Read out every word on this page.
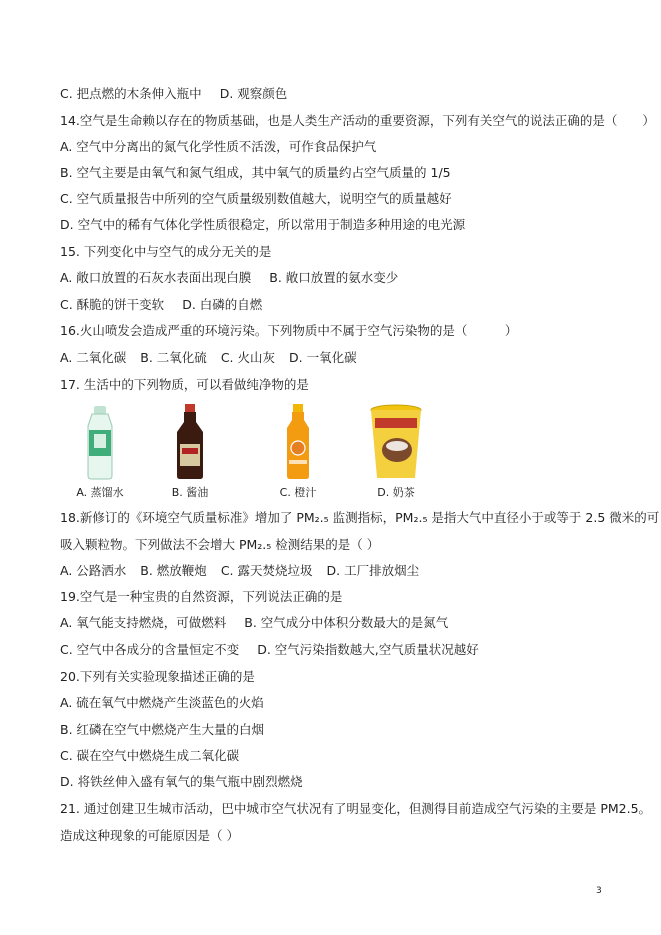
C. 把点燃的木条伸入瓶中 D. 观察颜色
14.空气是生命赖以存在的物质基础，也是人类生产活动的重要资源，下列有关空气的说法正确的是（　　）
A. 空气中分离出的氮气化学性质不活泼，可作食品保护气
B. 空气主要是由氧气和氮气组成，其中氧气的质量约占空气质量的 1/5
C. 空气质量报告中所列的空气质量级别数值越大，说明空气的质量越好
D. 空气中的稀有气体化学性质很稳定，所以常用于制造多种用途的电光源
15. 下列变化中与空气的成分无关的是
A. 敞口放置的石灰水表面出现白膜 B. 敞口放置的氨水变少
C. 酥脆的饼干变软 D. 白磷的自燃
16.火山喷发会造成严重的环境污染。下列物质中不属于空气污染物的是（　　　）
A. 二氧化碳 B. 二氧化硫 C. 火山灰 D. 一氧化碳
17. 生活中的下列物质，可以看做纯净物的是
18.新修订的《环境空气质量标准》增加了 PM₂.₅ 监测指标，PM₂.₅ 是指大气中直径小于或等于 2.5 微米的可
吸入颗粒物。下列做法不会增大 PM₂.₅ 检测结果的是（ ）
A. 公路洒水 B. 燃放鞭炮 C. 露天焚烧垃圾 D. 工厂排放烟尘
19.空气是一种宝贵的自然资源，下列说法正确的是
A. 氧气能支持燃烧，可做燃料 B. 空气成分中体积分数最大的是氮气
C. 空气中各成分的含量恒定不变 D. 空气污染指数越大,空气质量状况越好
20.下列有关实验现象描述正确的是
A. 硫在氧气中燃烧产生淡蓝色的火焰
B. 红磷在空气中燃烧产生大量的白烟
C. 碳在空气中燃烧生成二氧化碳
D. 将铁丝伸入盛有氧气的集气瓶中剧烈燃烧
21. 通过创建卫生城市活动，巴中城市空气状况有了明显变化，但测得目前造成空气污染的主要是 PM2.5。
造成这种现象的可能原因是（ ）
A. 蒸馏水	B. 酱油	C. 橙汁	D. 奶茶
3
